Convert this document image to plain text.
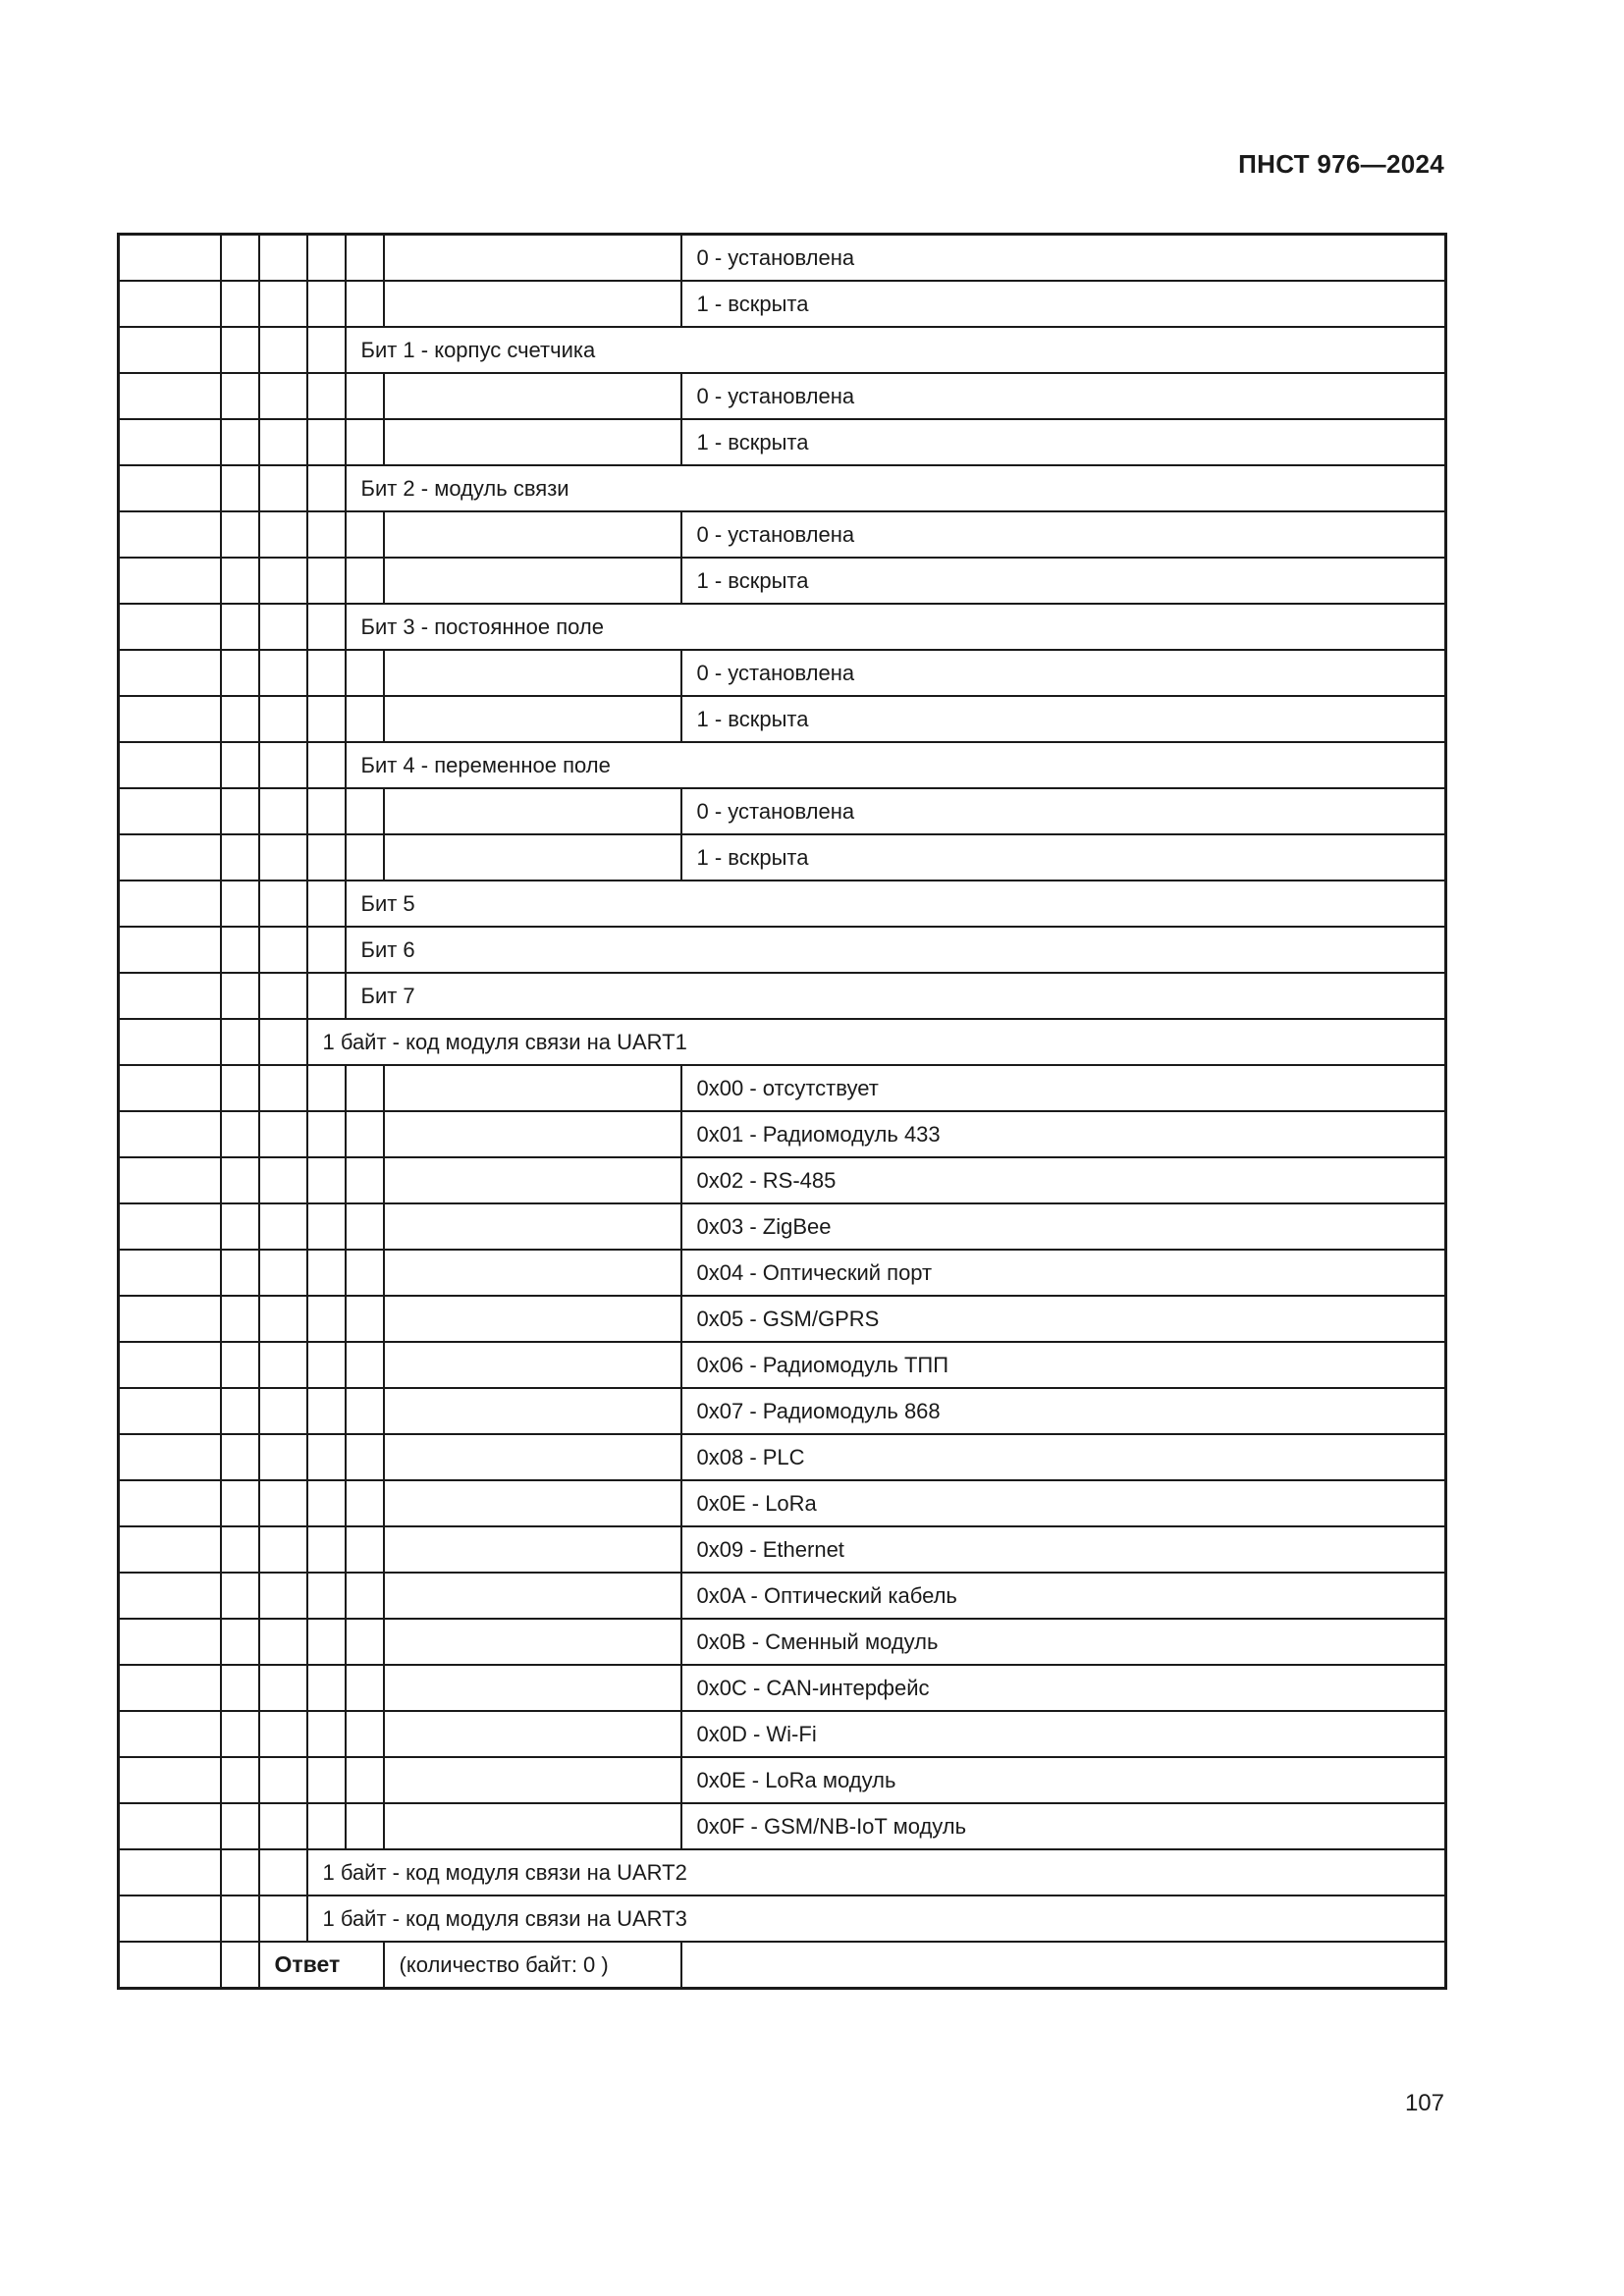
ПНСТ 976—2024
						0 - установлена
						1 - вскрыта
				Бит 1 - корпус счетчика		
						0 - установлена
						1 - вскрыта
				Бит 2 - модуль связи		
						0 - установлена
						1 - вскрыта
				Бит 3 - постоянное поле		
						0 - установлена
						1 - вскрыта
				Бит 4 - переменное поле		
						0 - установлена
						1 - вскрыта
				Бит 5		
				Бит 6		
				Бит 7		
			1 байт - код модуля связи на UART1			
						0x00 - отсутствует
						0x01 - Радиомодуль 433
						0x02 - RS-485
						0x03 - ZigBee
						0x04 - Оптический порт
						0x05 - GSM/GPRS
						0x06 - Радиомодуль ТПП
						0x07 - Радиомодуль 868
						0x08 - PLC
						0x0E - LoRa
						0x09 - Ethernet
						0x0A - Оптический кабель
						0x0B - Сменный модуль
						0x0C - CAN-интерфейс
						0x0D - Wi-Fi
						0x0E - LoRa модуль
						0x0F - GSM/NB-IoT модуль
			1 байт - код модуля связи на UART2			
			1 байт - код модуля связи на UART3			
		Ответ			(количество байт: 0 )	
107
